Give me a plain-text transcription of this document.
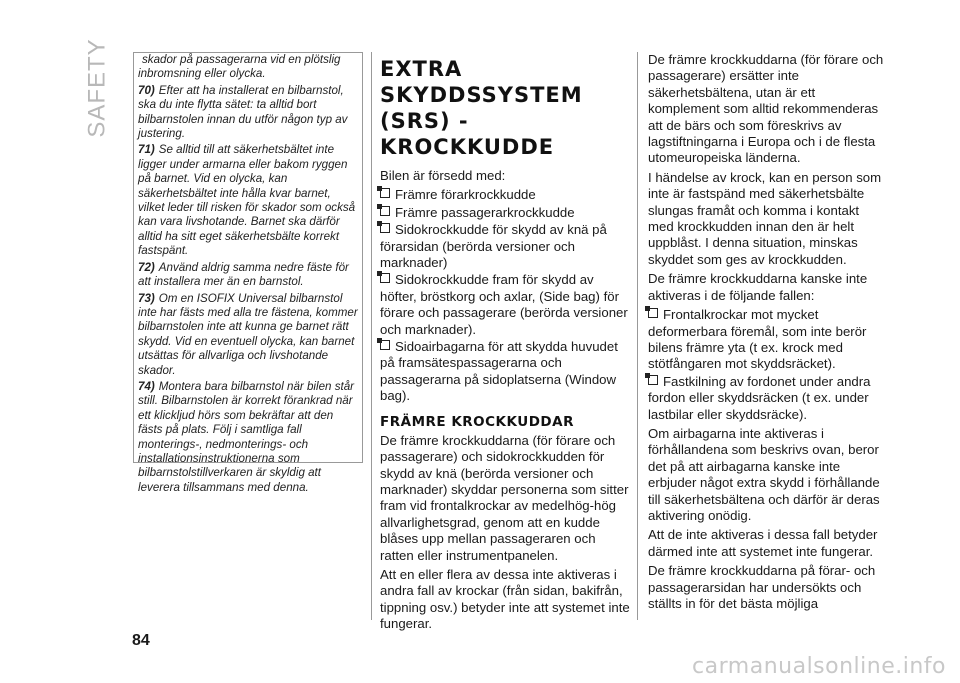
SAFETY	skador på passagerarna vid en plötslig inbromsning eller olycka.

70) Efter att ha installerat en bilbarnstol, ska du inte flytta sätet: ta alltid bort bilbarnstolen innan du utför någon typ av justering.

71) Se alltid till att säkerhetsbältet inte ligger under armarna eller bakom ryggen på barnet. Vid en olycka, kan säkerhetsbältet inte hålla kvar barnet, vilket leder till risken för skador som också kan vara livshotande. Barnet ska därför alltid ha sitt eget säkerhetsbälte korrekt fastspänt.

72) Använd aldrig samma nedre fäste för att installera mer än en barnstol.

73) Om en ISOFIX Universal bilbarnstol inte har fästs med alla tre fästena, kommer bilbarnstolen inte att kunna ge barnet rätt skydd. Vid en eventuell olycka, kan barnet utsättas för allvarliga och livshotande skador.

74) Montera bara bilbarnstol när bilen står still. Bilbarnstolen är korrekt förankrad när ett klickljud hörs som bekräftar att den fästs på plats. Följ i samtliga fall monterings-, nedmonterings- och installationsinstruktionerna som bilbarnstolstillverkaren är skyldig att leverera tillsammans med denna.

EXTRA
SKYDDSSYSTEM
(SRS) -
KROCKKUDDE

Bilen är försedd med:

Främre förarkrockkudde
Främre passagerarkrockkudde
Sidokrockkudde för skydd av knä på förarsidan (berörda versioner och marknader)
Sidokrockkudde fram för skydd av höfter, bröstkorg och axlar, (Side bag) för förare och passagerare (berörda versioner och marknader).
Sidoairbagarna för att skydda huvudet på framsätespassagerarna och passagerarna på sidoplatserna (Window bag).
FRÄMRE KROCKKUDDAR

De främre krockkuddarna (för förare och passagerare) och sidokrockkudden för skydd av knä (berörda versioner och marknader) skyddar personerna som sitter fram vid frontalkrockar av medelhög-hög allvarlighetsgrad, genom att en kudde blåses upp mellan passageraren och ratten eller instrumentpanelen.

Att en eller flera av dessa inte aktiveras i andra fall av krockar (från sidan, bakifrån, tippning osv.) betyder inte att systemet inte fungerar.

De främre krockkuddarna (för förare och passagerare) ersätter inte säkerhetsbältena, utan är ett komplement som alltid rekommenderas att de bärs och som föreskrivs av lagstiftningarna i Europa och i de flesta utomeuropeiska länderna.

I händelse av krock, kan en person som inte är fastspänd med säkerhetsbälte slungas framåt och komma i kontakt med krockkudden innan den är helt uppblåst. I denna situation, minskas skyddet som ges av krockkudden.

De främre krockkuddarna kanske inte aktiveras i de följande fallen:

Frontalkrockar mot mycket deformerbara föremål, som inte berör bilens främre yta (t ex. krock med stötfångaren mot skyddsräcket).
Fastkilning av fordonet under andra fordon eller skyddsräcken (t ex. under lastbilar eller skyddsräcke).

Om airbagarna inte aktiveras i förhållandena som beskrivs ovan, beror det på att airbagarna kanske inte erbjuder något extra skydd i förhållande till säkerhetsbältena och därför är deras aktivering onödig.

Att de inte aktiveras i dessa fall betyder därmed inte att systemet inte fungerar.

De främre krockkuddarna på förar- och passagerarsidan har undersökts och ställts in för det bästa möjliga

84
carmanualsonline.info
